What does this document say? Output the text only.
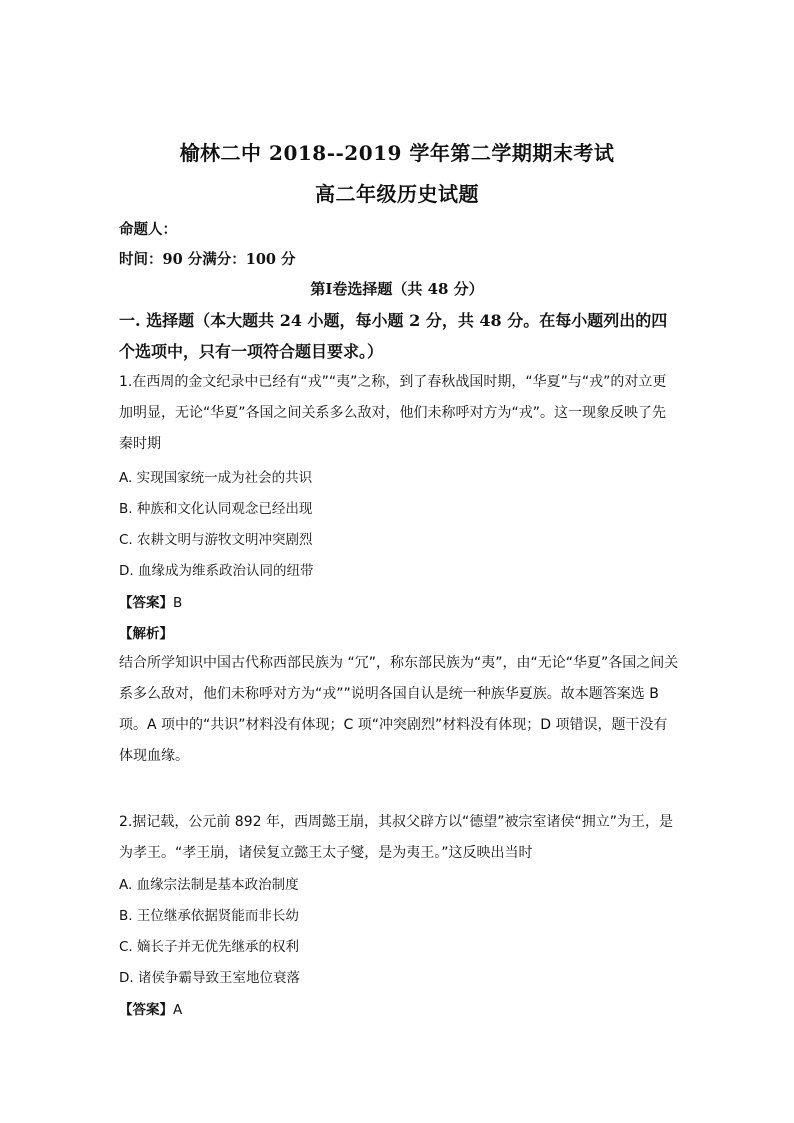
榆林二中 2018--2019 学年第二学期期末考试
高二年级历史试题
命题人：
时间：90 分满分：100 分
第Ⅰ卷选择题（共 48 分）
一. 选择题（本大题共 24 小题，每小题 2 分，共 48 分。在每小题列出的四个选项中，只有一项符合题目要求。）
1.在西周的金文纪录中已经有“戎”“夷”之称，到了春秋战国时期，“华夏”与“戎”的对立更加明显，无论“华夏”各国之间关系多么敌对，他们未称呼对方为“戎”。这一现象反映了先秦时期
A. 实现国家统一成为社会的共识
B. 种族和文化认同观念已经出现
C. 农耕文明与游牧文明冲突剧烈
D. 血缘成为维系政治认同的纽带
【答案】B
【解析】
结合所学知识中国古代称西部民族为 “冗”，称东部民族为“夷”，由“无论“华夏”各国之间关系多么敌对，他们未称呼对方为“戎””说明各国自认是统一种族华夏族。故本题答案选 B 项。A 项中的“共识”材料没有体现；C 项“冲突剧烈”材料没有体现；D 项错误，题干没有体现血缘。
2.据记载，公元前 892 年，西周懿王崩，其叔父辟方以“德望”被宗室诸侯“拥立”为王，是为孝王。“孝王崩，诸侯复立懿王太子燮，是为夷王。”这反映出当时
A. 血缘宗法制是基本政治制度
B. 王位继承依据贤能而非长幼
C. 嫡长子并无优先继承的权利
D. 诸侯争霸导致王室地位衰落
【答案】A
